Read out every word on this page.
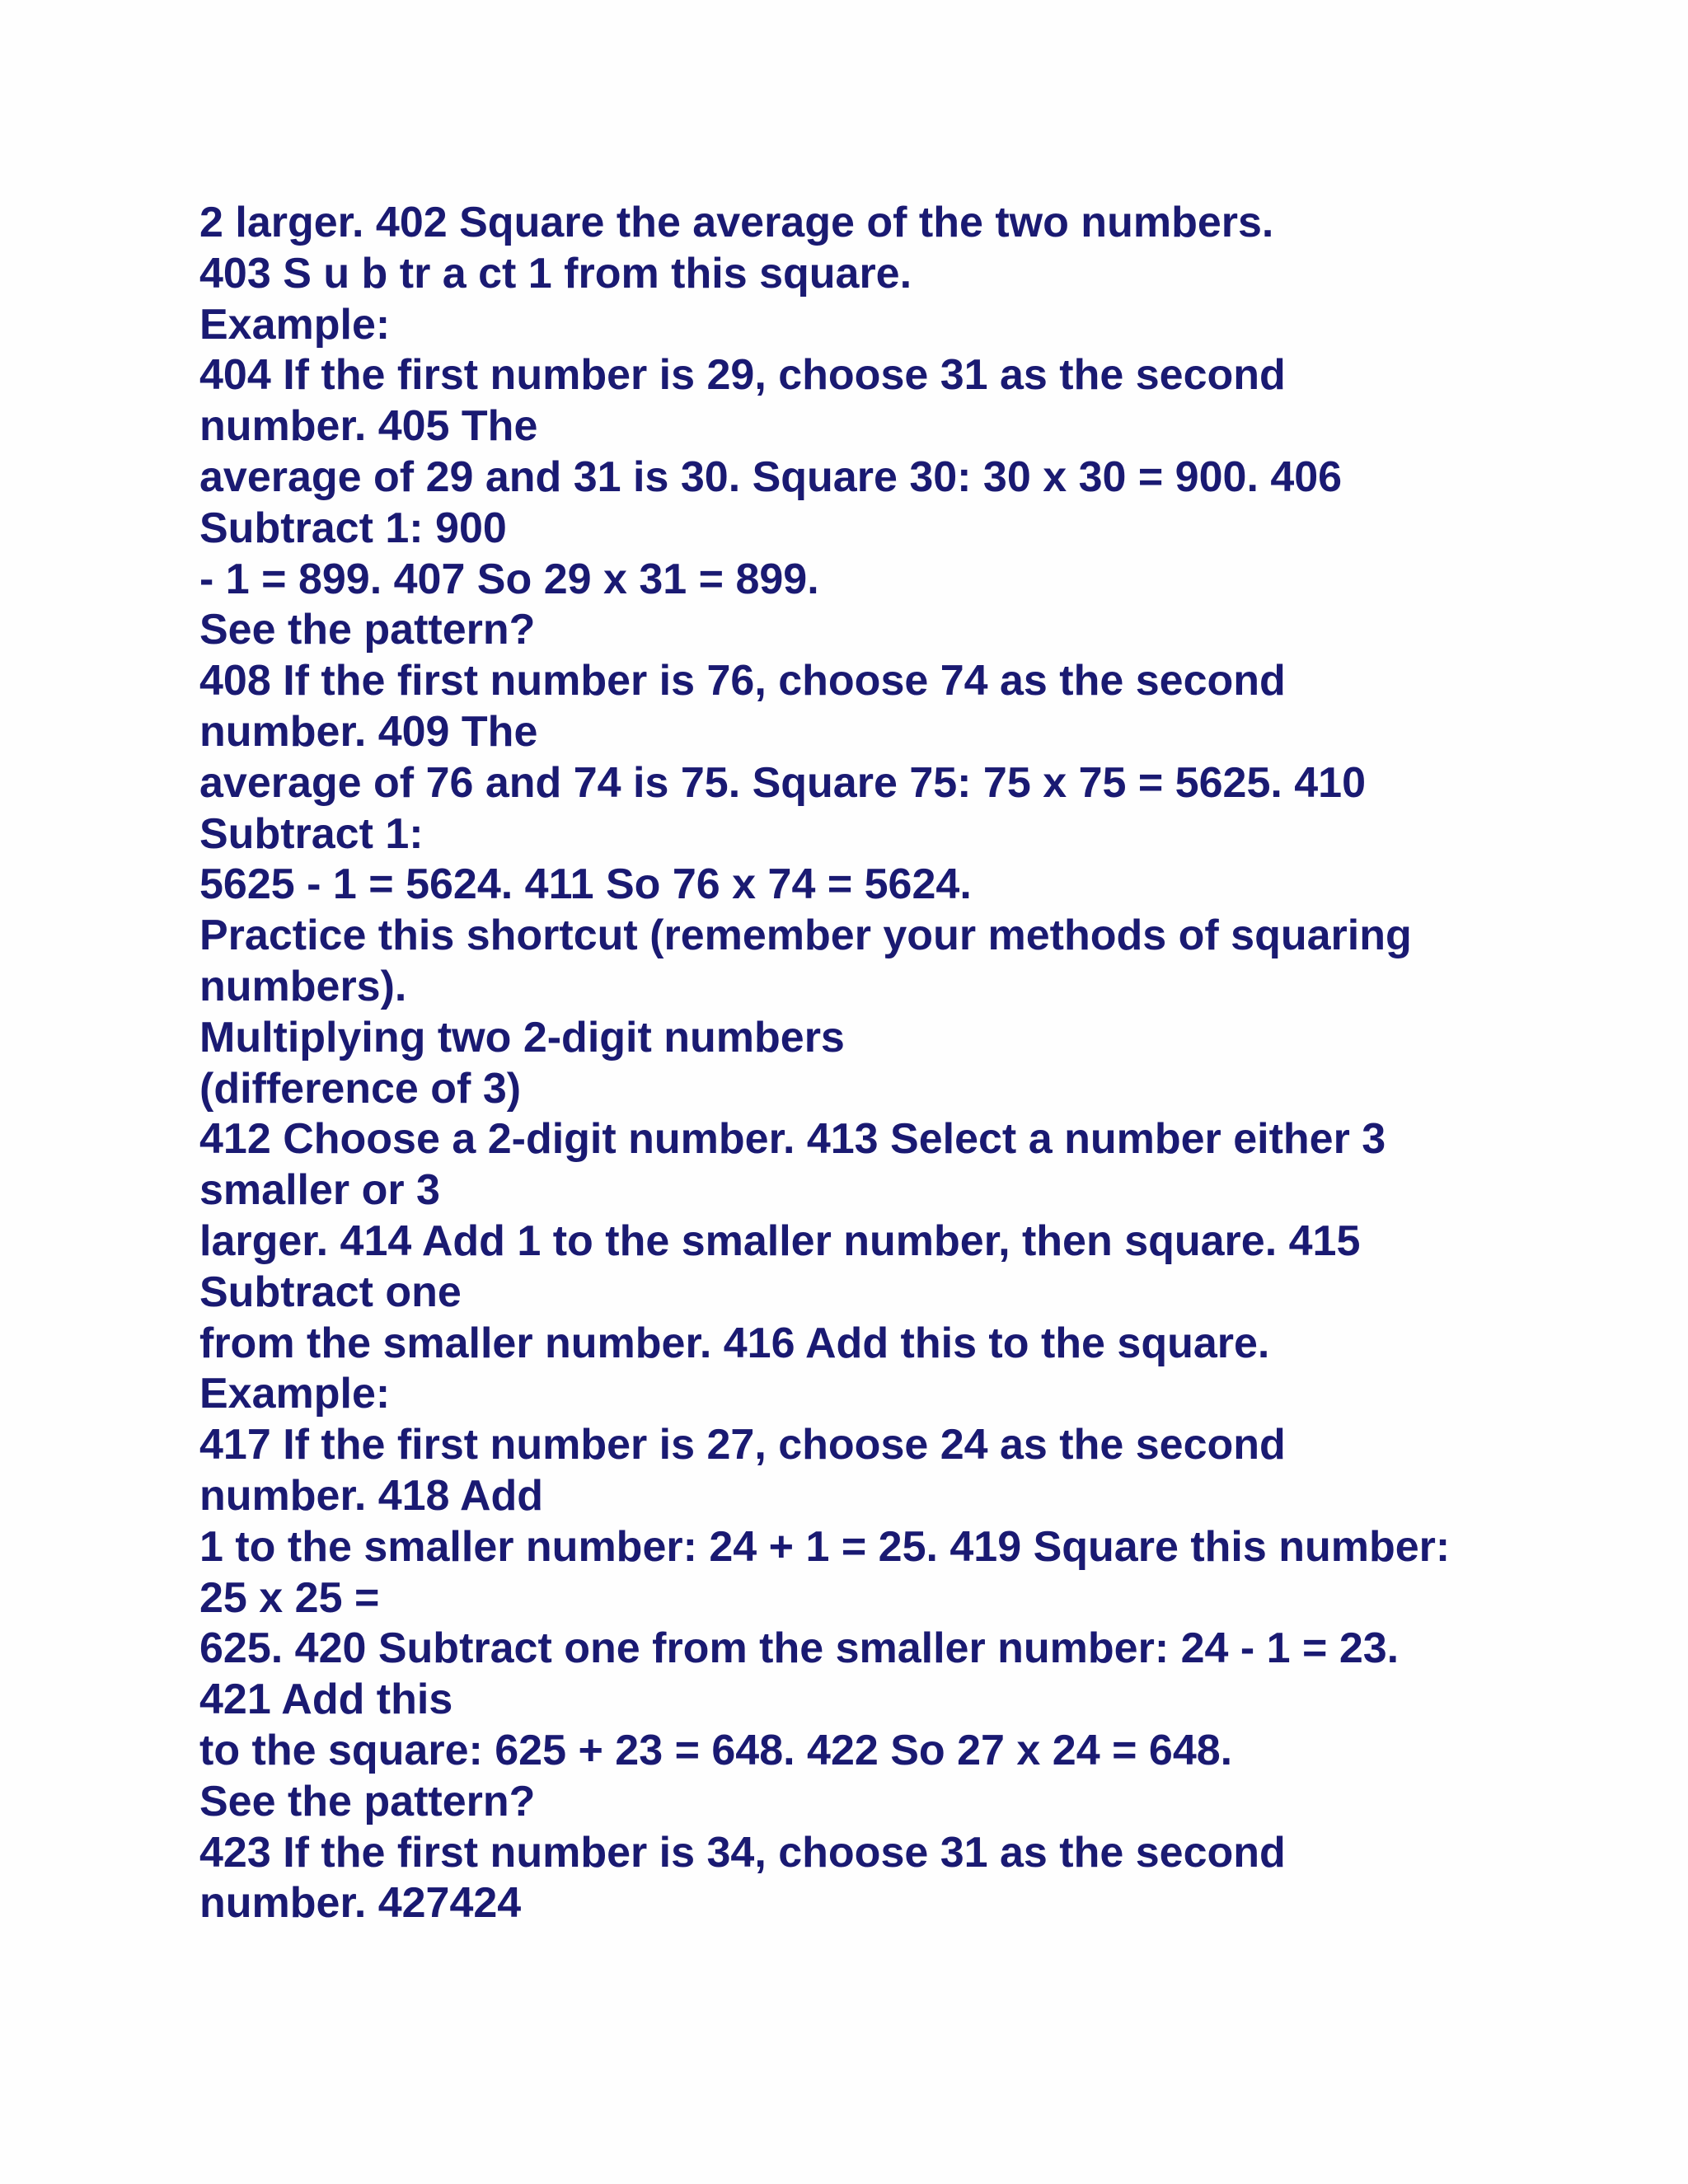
2 larger. 402 Square the average of the two numbers.
403 S u b tr a ct 1 from this square.
Example:
404 If the first number is 29, choose 31 as the second
number. 405 The
average of 29 and 31 is 30. Square 30: 30 x 30 = 900. 406
Subtract 1: 900
- 1 = 899. 407 So 29 x 31 = 899.
See the pattern?
408 If the first number is 76, choose 74 as the second
number. 409 The
average of 76 and 74 is 75. Square 75: 75 x 75 = 5625. 410
Subtract 1:
5625 - 1 = 5624. 411 So 76 x 74 = 5624.
Practice this shortcut (remember your methods of squaring
numbers).
Multiplying two 2-digit numbers
(difference of 3)
412 Choose a 2-digit number. 413 Select a number either 3
smaller or 3
larger. 414 Add 1 to the smaller number, then square. 415
Subtract one
from the smaller number. 416 Add this to the square.
Example:
417 If the first number is 27, choose 24 as the second
number. 418 Add
1 to the smaller number: 24 + 1 = 25. 419 Square this number:
25 x 25 =
625. 420 Subtract one from the smaller number: 24 - 1 = 23.
421 Add this
to the square: 625 + 23 = 648. 422 So 27 x 24 = 648.
See the pattern?
423 If the first number is 34, choose 31 as the second
number. 427424
